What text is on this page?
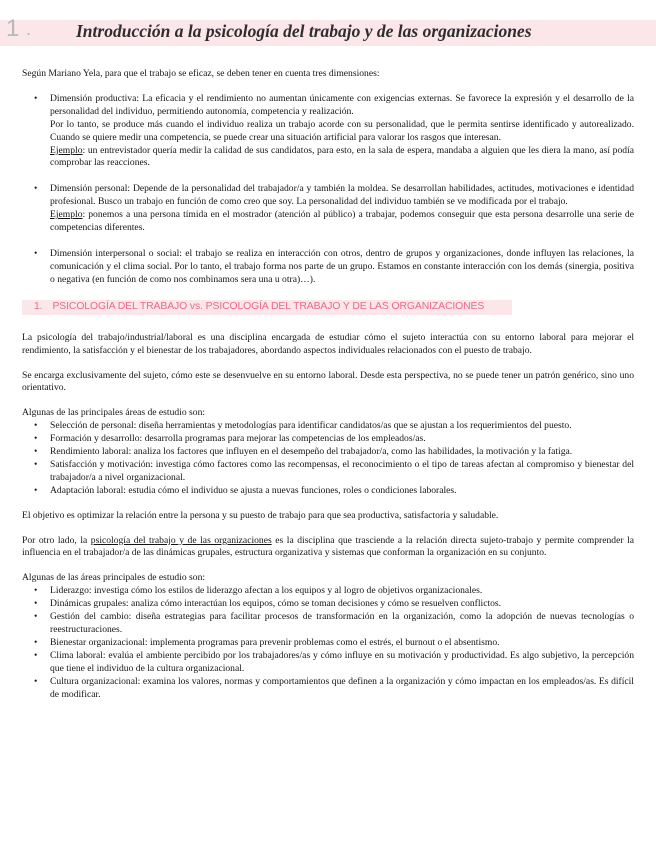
1 .	Introducción a la psicología del trabajo y de las organizaciones

Según Mariano Yela, para que el trabajo se eficaz, se deben tener en cuenta tres dimensiones:

• Dimensión productiva: La eficacia y el rendimiento no aumentan únicamente con exigencias externas. Se favorece la expresión y el desarrollo de la personalidad del individuo, permitiendo autonomía, competencia y realización.
Por lo tanto, se produce más cuando el individuo realiza un trabajo acorde con su personalidad, que le permita sentirse identificado y autorealizado. Cuando se quiere medir una competencia, se puede crear una situación artificial para valorar los rasgos que interesan.
Ejemplo: un entrevistador quería medir la calidad de sus candidatos, para esto, en la sala de espera, mandaba a alguien que les diera la mano, así podía comprobar las reacciones.
• Dimensión personal: Depende de la personalidad del trabajador/a y también la moldea. Se desarrollan habilidades, actitudes, motivaciones e identidad profesional. Busco un trabajo en función de como creo que soy. La personalidad del individuo también se ve modificada por el trabajo.
Ejemplo: ponemos a una persona tímida en el mostrador (atención al público) a trabajar, podemos conseguir que esta persona desarrolle una serie de competencias diferentes.
• Dimensión interpersonal o social: el trabajo se realiza en interacción con otros, dentro de grupos y organizaciones, donde influyen las relaciones, la comunicación y el clima social. Por lo tanto, el trabajo forma nos parte de un grupo. Estamos en constante interacción con los demás (sinergia, positiva o negativa (en función de como nos combinamos sera una u otra)…).
1. PSICOLOGÍA DEL TRABAJO vs. PSICOLOGÍA DEL TRABAJO Y DE LAS ORGANIZACIONES

La psicología del trabajo/industrial/laboral es una disciplina encargada de estudiar cómo el sujeto interactúa con su entorno laboral para mejorar el rendimiento, la satisfacción y el bienestar de los trabajadores, abordando aspectos individuales relacionados con el puesto de trabajo.

Se encarga exclusivamente del sujeto, cómo este se desenvuelve en su entorno laboral. Desde esta perspectiva, no se puede tener un patrón genérico, sino uno orientativo.

Algunas de las principales áreas de estudio son:

• Selección de personal: diseña herramientas y metodologías para identificar candidatos/as que se ajustan a los requerimientos del puesto.
• Formación y desarrollo: desarrolla programas para mejorar las competencias de los empleados/as.
• Rendimiento laboral: analiza los factores que influyen en el desempeño del trabajador/a, como las habilidades, la motivación y la fatiga.
• Satisfacción y motivación: investiga cómo factores como las recompensas, el reconocimiento o el tipo de tareas afectan al compromiso y bienestar del trabajador/a a nivel organizacional.
• Adaptación laboral: estudia cómo el individuo se ajusta a nuevas funciones, roles o condiciones laborales.

El objetivo es optimizar la relación entre la persona y su puesto de trabajo para que sea productiva, satisfactoria y saludable.

Por otro lado, la psicología del trabajo y de las organizaciones es la disciplina que trasciende a la relación directa sujeto-trabajo y permite comprender la influencia en el trabajador/a de las dinámicas grupales, estructura organizativa y sistemas que conforman la organización en su conjunto.

Algunas de las áreas principales de estudio son:

• Liderazgo: investiga cómo los estilos de liderazgo afectan a los equipos y al logro de objetivos organizacionales.
• Dinámicas grupales: analiza cómo interactúan los equipos, cómo se toman decisiones y cómo se resuelven conflictos.
• Gestión del cambio: diseña estrategias para facilitar procesos de transformación en la organización, como la adopción de nuevas tecnologías o reestructuraciones.
• Bienestar organizacional: implementa programas para prevenir problemas como el estrés, el burnout o el absentismo.
• Clima laboral: evalúa el ambiente percibido por los trabajadores/as y cómo influye en su motivación y productividad. Es algo subjetivo, la percepción que tiene el individuo de la cultura organizacional.
• Cultura organizacional: examina los valores, normas y comportamientos que definen a la organización y cómo impactan en los empleados/as. Es difícil de modificar.
